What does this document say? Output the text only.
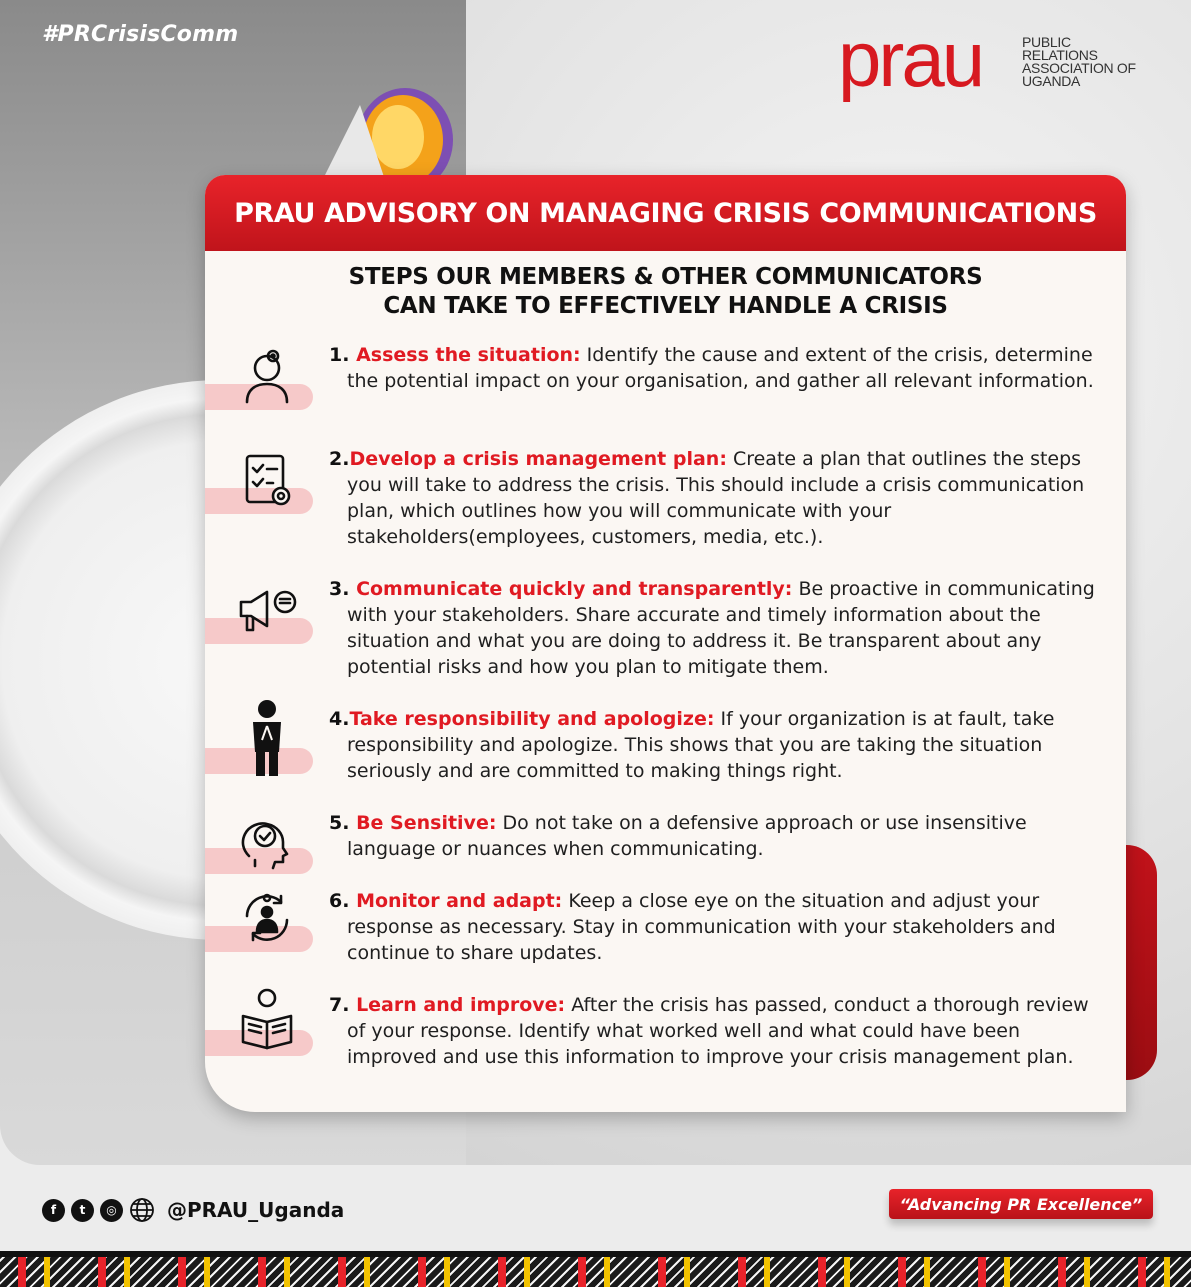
#PRCrisisComm	prau	PUBLIC
RELATIONS
ASSOCIATION OF
UGANDA
PRAU ADVISORY ON MANAGING CRISIS COMMUNICATIONS
STEPS OUR MEMBERS & OTHER COMMUNICATORS
CAN TAKE TO EFFECTIVELY HANDLE A CRISIS
1. Assess the situation: Identify the cause and extent of the crisis, determine the potential impact on your organisation, and gather all relevant information.
2.Develop a crisis management plan: Create a plan that outlines the steps you will take to address the crisis. This should include a crisis communication plan, which outlines how you will communicate with your stakeholders(employees, customers, media, etc.).
3. Communicate quickly and transparently: Be proactive in communicating with your stakeholders. Share accurate and timely information about the situation and what you are doing to address it. Be transparent about any potential risks and how you plan to mitigate them.
4.Take responsibility and apologize: If your organization is at fault, take responsibility and apologize. This shows that you are taking the situation seriously and are committed to making things right.
5. Be Sensitive: Do not take on a defensive approach or use insensitive language or nuances when communicating.
6. Monitor and adapt: Keep a close eye on the situation and adjust your response as necessary. Stay in communication with your stakeholders and continue to share updates.
7. Learn and improve: After the crisis has passed, conduct a thorough review of your response. Identify what worked well and what could have been improved and use this information to improve your crisis management plan.
f	t	◎	@PRAU_Uganda	“Advancing PR Excellence”
